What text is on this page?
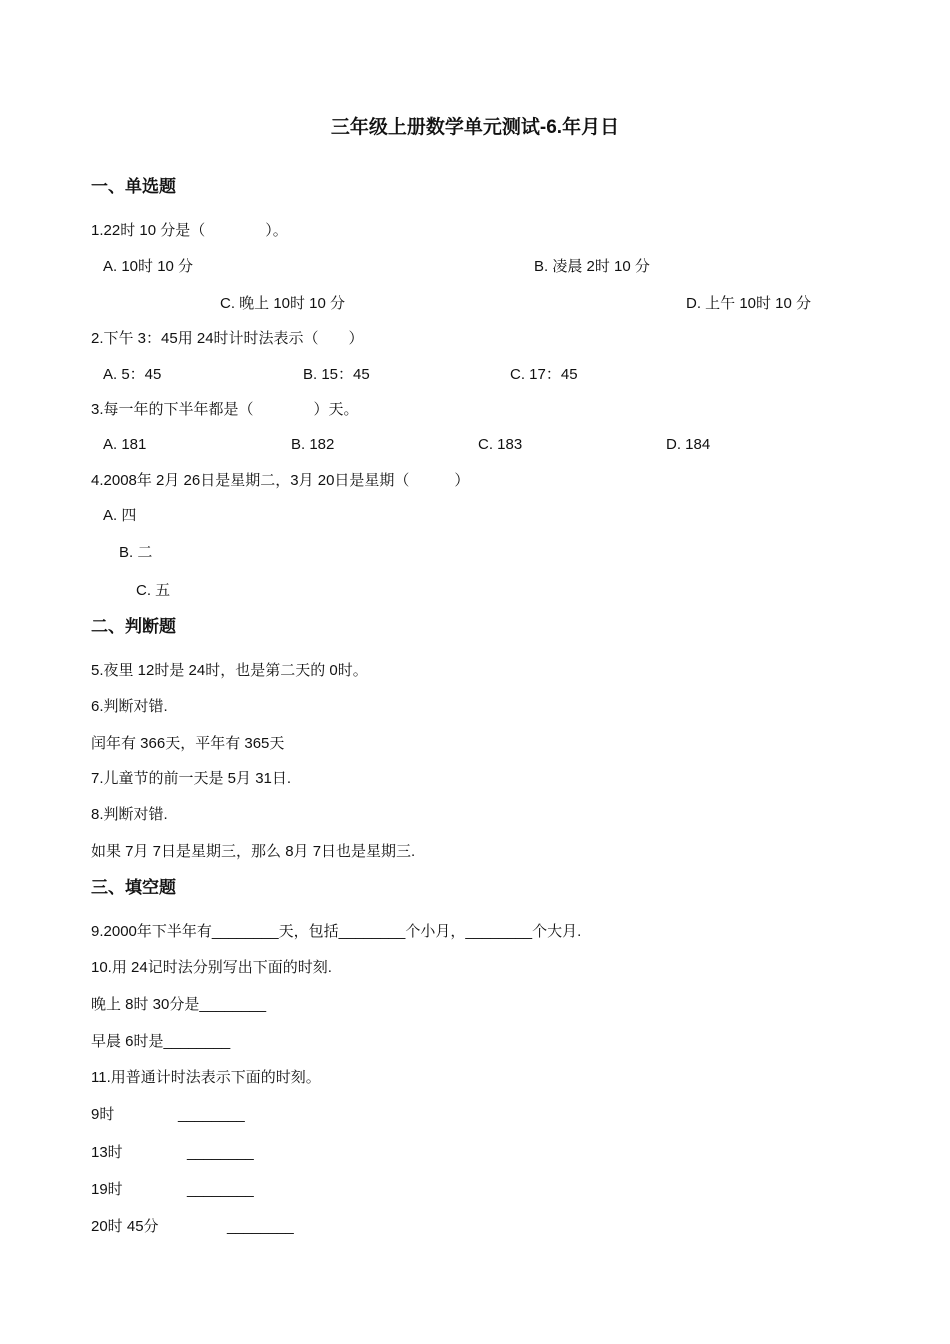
三年级上册数学单元测试-6.年月日
一、单选题
1.22时 10 分是（　　　　）。
A. 10时 10 分	B. 凌晨 2时 10 分
C. 晚上 10时 10 分	D. 上午 10时 10 分
2.下午 3：45用 24时计时法表示（　　）
A. 5：45	B. 15：45	C. 17：45
3.每一年的下半年都是（　　　　）天。
A. 181	B. 182	C. 183	D. 184
4.2008年 2月 26日是星期二，3月 20日是星期（　　　）
A. 四
B. 二
C. 五
二、判断题
5.夜里 12时是 24时，也是第二天的 0时。
6.判断对错.
闰年有 366天，平年有 365天
7.儿童节的前一天是 5月 31日.
8.判断对错.
如果 7月 7日是星期三，那么 8月 7日也是星期三.
三、填空题
9.2000年下半年有________天，包括________个小月，________个大月.
10.用 24记时法分别写出下面的时刻.
晚上 8时 30分是________
早晨 6时是________
11.用普通计时法表示下面的时刻。
9时	________
13时	________
19时	________
20时 45分	________
